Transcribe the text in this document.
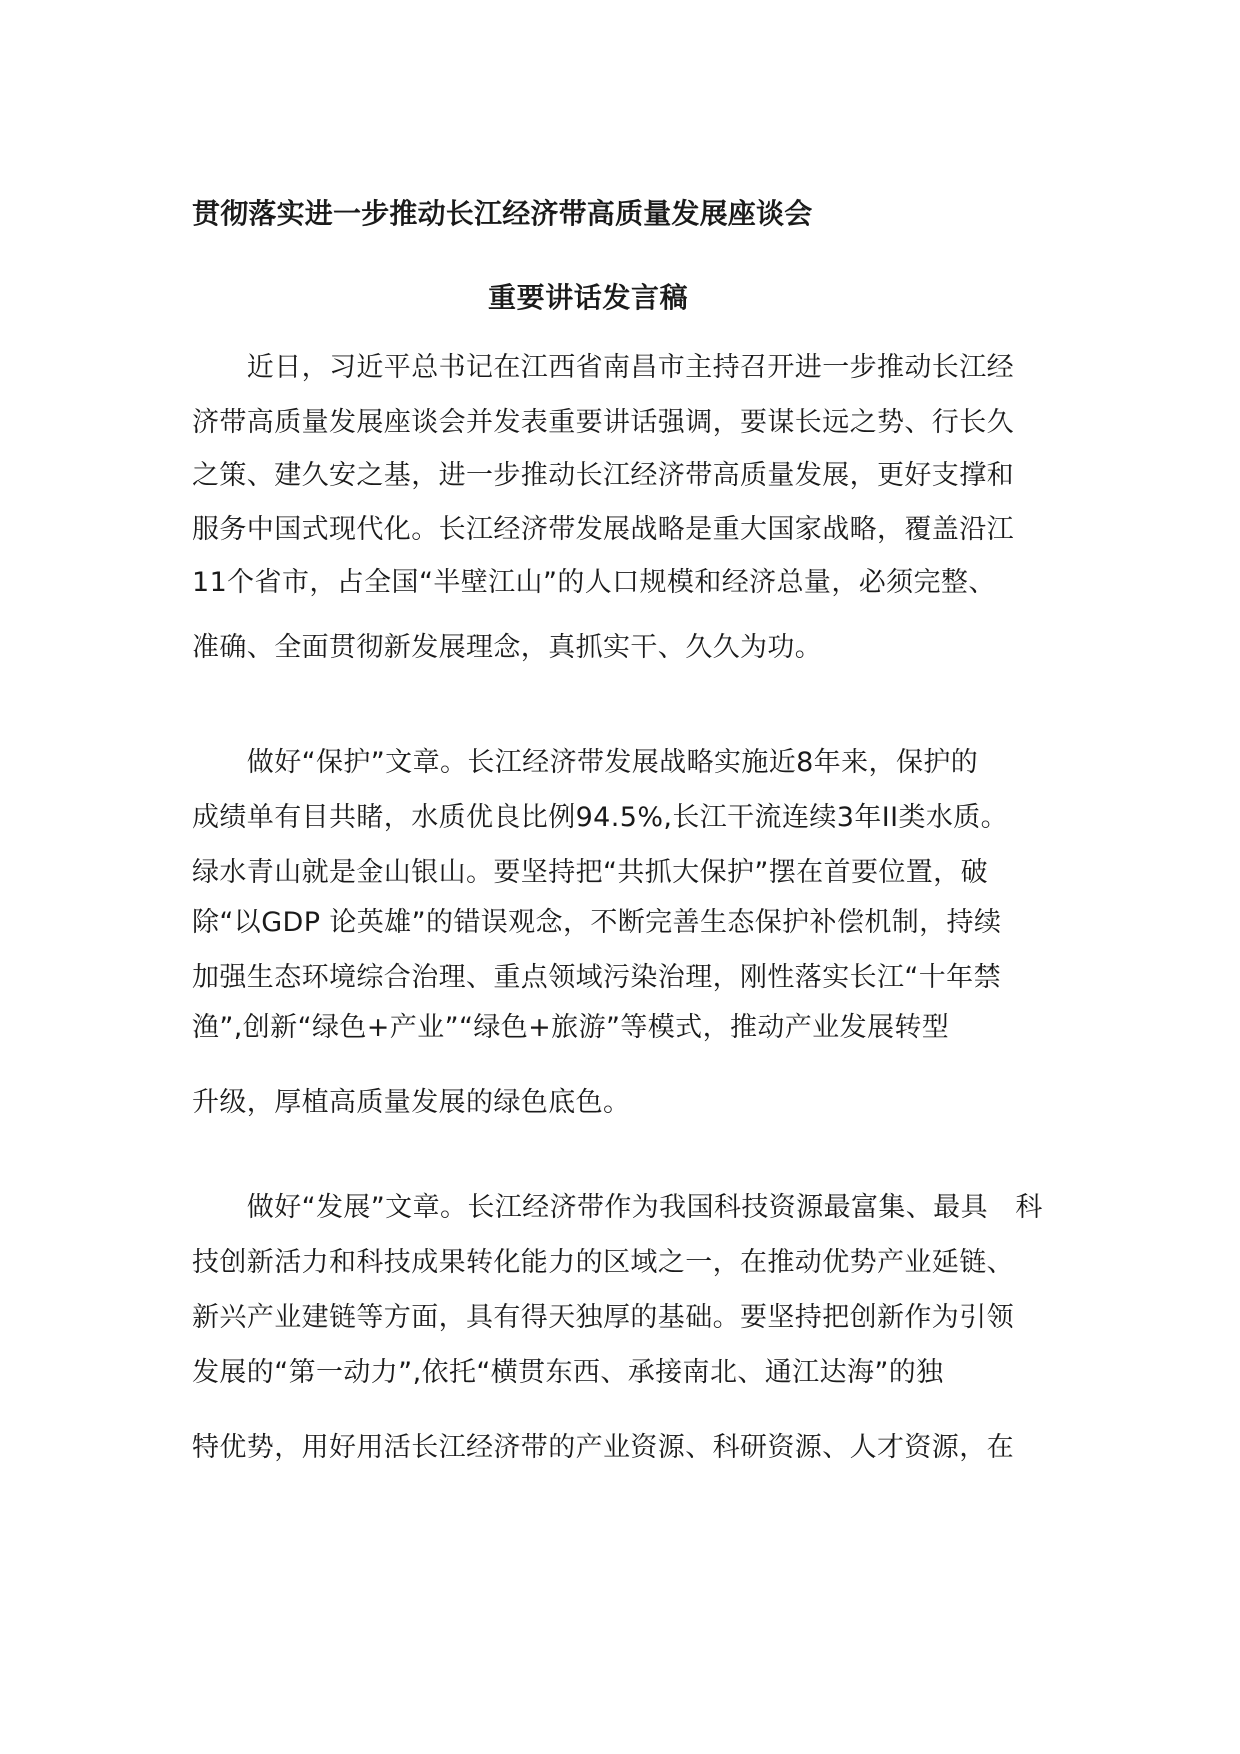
贯彻落实进一步推动长江经济带高质量发展座谈会
重要讲话发言稿

　　近日，习近平总书记在江西省南昌市主持召开进一步推动长江经

济带高质量发展座谈会并发表重要讲话强调，要谋长远之势、行长久

之策、建久安之基，进一步推动长江经济带高质量发展，更好支撑和

服务中国式现代化。长江经济带发展战略是重大国家战略，覆盖沿江

11个省市，占全国“半壁江山”的人口规模和经济总量，必须完整、

准确、全面贯彻新发展理念，真抓实干、久久为功。

　　做好“保护”文章。长江经济带发展战略实施近8年来，保护的

成绩单有目共睹，水质优良比例94.5%,长江干流连续3年II类水质。

绿水青山就是金山银山。要坚持把“共抓大保护”摆在首要位置，破

除“以GDP 论英雄”的错误观念，不断完善生态保护补偿机制，持续

加强生态环境综合治理、重点领域污染治理，刚性落实长江“十年禁

渔”,创新“绿色+产业”“绿色+旅游”等模式，推动产业发展转型

升级，厚植高质量发展的绿色底色。

　　做好“发展”文章。长江经济带作为我国科技资源最富集、最具　科

技创新活力和科技成果转化能力的区域之一，在推动优势产业延链、

新兴产业建链等方面，具有得天独厚的基础。要坚持把创新作为引领

发展的“第一动力”,依托“横贯东西、承接南北、通江达海”的独

特优势，用好用活长江经济带的产业资源、科研资源、人才资源，在
